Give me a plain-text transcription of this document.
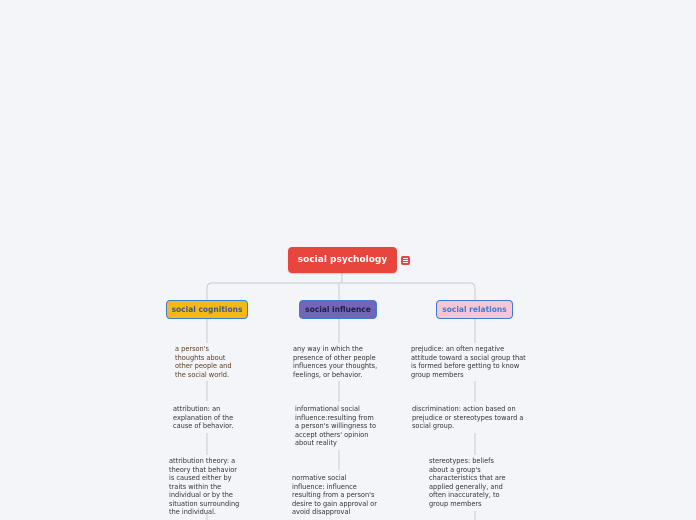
social psychology
social cognitions	social influence	social relations
a person's
thoughts about
other people and
the social world.
attribution: an
explanation of the
cause of behavior.
attribution theory: a
theory that behavior
is caused either by
traits within the
individual or by the
situation surrounding
the individual.
any way in which the
presence of other people
influences your thoughts,
feelings, or behavior.
informational social
influence:resulting from
a person's willingness to
accept others' opinion
about reality
normative social
influence: influence
resulting from a person's
desire to gain approval or
avoid disapproval
prejudice: an often negative
attitude toward a social group that
is formed before getting to know
group members
discrimination: action based on
prejudice or stereotypes toward a
social group.
stereotypes: beliefs
about a group's
characteristics that are
applied generally, and
often inaccurately, to
group members
